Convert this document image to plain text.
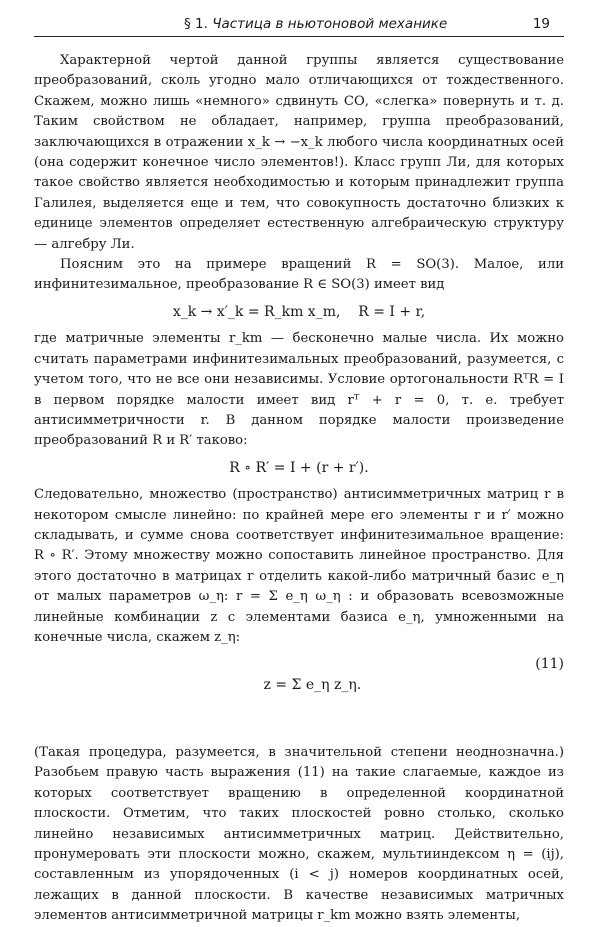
§ 1. Частица в ньютоновой механике	19

Характерной чертой данной группы является существование преобразований, сколь угодно мало отличающихся от тождественного. Скажем, можно лишь «немного» сдвинуть СО, «слегка» повернуть и т. д. Таким свойством не обладает, например, группа преобразований, заключающихся в отражении x_k → −x_k любого числа координатных осей (она содержит конечное число элементов!). Класс групп Ли, для которых такое свойство является необходимостью и которым принадлежит группа Галилея, выделяется еще и тем, что совокупность достаточно близких к единице элементов определяет естественную алгебраическую структуру — алгебру Ли.

Поясним это на примере вращений R = SO(3). Малое, или инфинитезимальное, преобразование R ∈ SO(3) имеет вид

x_k → x′_k = R_km x_m,    R = I + r,

где матричные элементы r_km — бесконечно малые числа. Их можно считать параметрами инфинитезимальных преобразований, разумеется, с учетом того, что не все они независимы. Условие ортогональности RᵀR = I в первом порядке малости имеет вид rᵀ + r = 0, т. е. требует антисимметричности r. В данном порядке малости произведение преобразований R и R′ таково:

R ∘ R′ = I + (r + r′).

Следовательно, множество (пространство) антисимметричных матриц r в некотором смысле линейно: по крайней мере его элементы r и r′ можно складывать, и сумме снова соответствует инфинитезимальное вращение: R ∘ R′. Этому множеству можно сопоставить линейное пространство. Для этого достаточно в матрицах r отделить какой-либо матричный базис e_η от малых параметров ω_η: r = Σ e_η ω_η : и образовать всевозможные линейные комбинации z с элементами базиса e_η, умноженными на конечные числа, скажем z_η:

z = Σ e_η z_η.

(11)

(Такая процедура, разумеется, в значительной степени неоднозначна.) Разобьем правую часть выражения (11) на такие слагаемые, каждое из которых соответствует вращению в определенной координатной плоскости. Отметим, что таких плоскостей ровно столько, сколько линейно независимых антисимметричных матриц. Действительно, пронумеровать эти плоскости можно, скажем, мультииндексом η = (ij), составленным из упорядоченных (i < j) номеров координатных осей, лежащих в данной плоскости. В качестве независимых матричных элементов антисимметричной матрицы r_km можно взять элементы,
